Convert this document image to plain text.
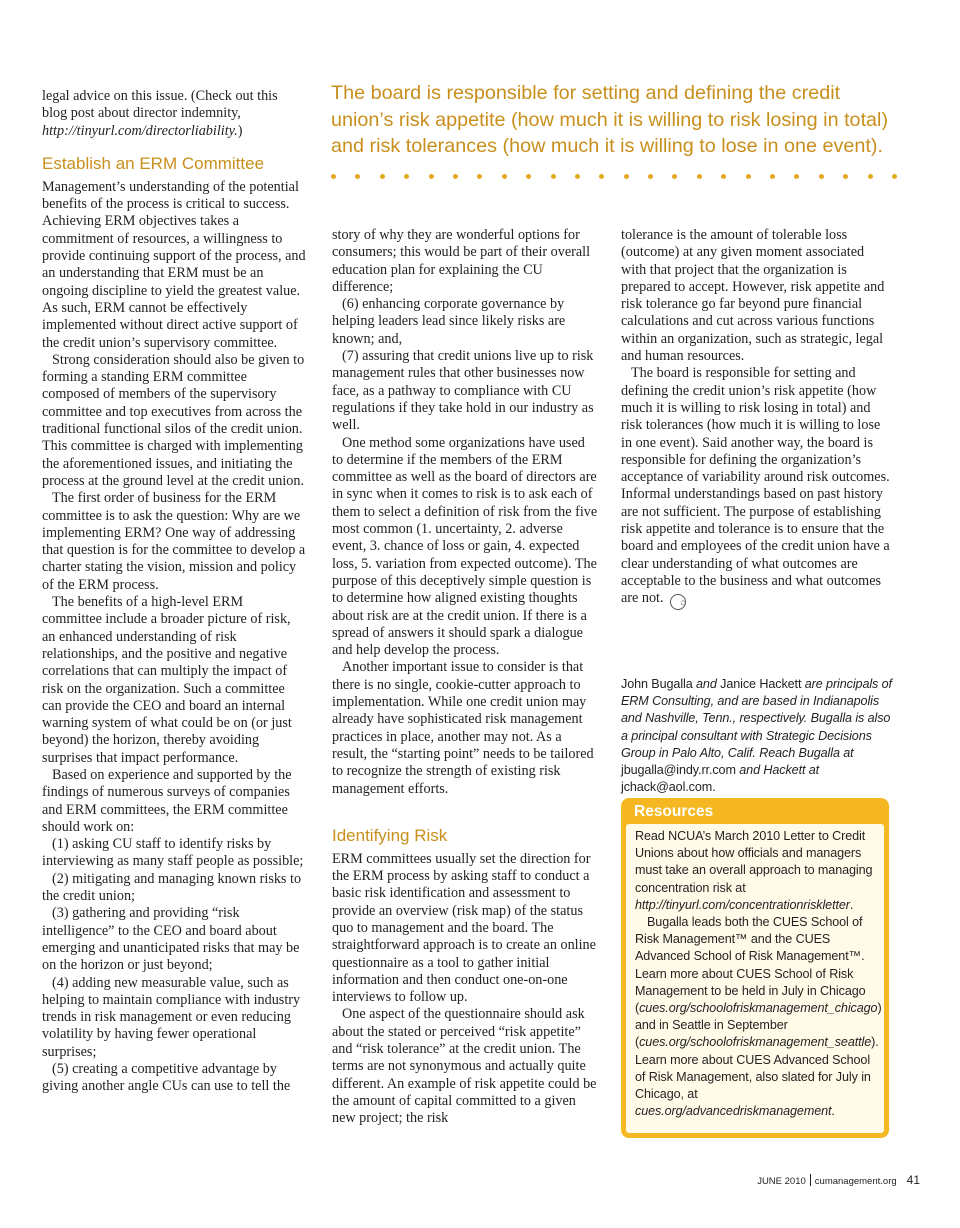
The board is responsible for setting and defining the credit union’s risk appetite (how much it is willing to risk losing in total) and risk tolerances (how much it is willing to lose in one event).

legal advice on this issue. (Check out this blog post about director indemnity, http://tinyurl.com/directorliability.)

Establish an ERM Committee

Management’s understanding of the potential benefits of the process is critical to success. Achieving ERM objectives takes a commitment of resources, a willingness to provide continuing support of the process, and an understanding that ERM must be an ongoing discipline to yield the greatest value. As such, ERM cannot be effectively implemented without direct active support of the credit union’s supervisory committee.

Strong consideration should also be given to forming a standing ERM committee composed of members of the supervisory committee and top executives from across the traditional functional silos of the credit union. This committee is charged with implementing the aforementioned issues, and initiating the process at the ground level at the credit union.

The first order of business for the ERM committee is to ask the question: Why are we implementing ERM? One way of addressing that question is for the committee to develop a charter stating the vision, mission and policy of the ERM process.

The benefits of a high-level ERM committee include a broader picture of risk, an enhanced understanding of risk relationships, and the positive and negative correlations that can multiply the impact of risk on the organization. Such a committee can provide the CEO and board an internal warning system of what could be on (or just beyond) the horizon, thereby avoiding surprises that impact performance.

Based on experience and supported by the findings of numerous surveys of companies and ERM committees, the ERM committee should work on:

(1) asking CU staff to identify risks by interviewing as many staff people as possible;

(2) mitigating and managing known risks to the credit union;

(3) gathering and providing “risk intelligence” to the CEO and board about emerging and unanticipated risks that may be on the horizon or just beyond;

(4) adding new measurable value, such as helping to maintain compliance with industry trends in risk management or even reducing volatility by having fewer operational surprises;

(5) creating a competitive advantage by giving another angle CUs can use to tell the

story of why they are wonderful options for consumers; this would be part of their overall education plan for explaining the CU difference;

(6) enhancing corporate governance by helping leaders lead since likely risks are known; and,

(7) assuring that credit unions live up to risk management rules that other businesses now face, as a pathway to compliance with CU regulations if they take hold in our industry as well.

One method some organizations have used to determine if the members of the ERM committee as well as the board of directors are in sync when it comes to risk is to ask each of them to select a definition of risk from the five most common (1. uncertainty, 2. adverse event, 3. chance of loss or gain, 4. expected loss, 5. variation from expected outcome). The purpose of this deceptively simple question is to determine how aligned existing thoughts about risk are at the credit union. If there is a spread of answers it should spark a dialogue and help develop the process.

Another important issue to consider is that there is no single, cookie-cutter approach to implementation. While one credit union may already have sophisticated risk management practices in place, another may not. As a result, the “starting point” needs to be tailored to recognize the strength of existing risk management efforts.

Identifying Risk

ERM committees usually set the direction for the ERM process by asking staff to conduct a basic risk identification and assessment to provide an overview (risk map) of the status quo to management and the board. The straightforward approach is to create an online questionnaire as a tool to gather initial information and then conduct one-on-one interviews to follow up.

One aspect of the questionnaire should ask about the stated or perceived “risk appetite” and “risk tolerance” at the credit union. The terms are not synonymous and actually quite different. An example of risk appetite could be the amount of capital committed to a given new project; the risk

tolerance is the amount of tolerable loss (outcome) at any given moment associated with that project that the organization is prepared to accept. However, risk appetite and risk tolerance go far beyond pure financial calculations and cut across various functions within an organization, such as strategic, legal and human resources.

The board is responsible for setting and defining the credit union’s risk appetite (how much it is willing to risk losing in total) and risk tolerances (how much it is willing to lose in one event). Said another way, the board is responsible for defining the organization’s acceptance of variability around risk outcomes. Informal understandings based on past history are not sufficient. The purpose of establishing risk appetite and tolerance is to ensure that the board and employees of the credit union have a clear understanding of what outcomes are acceptable to the business and what outcomes are not. ⌂

John Bugalla and Janice Hackett are principals of ERM Consulting, and are based in Indianapolis and Nashville, Tenn., respectively. Bugalla is also a principal consultant with Strategic Decisions Group in Palo Alto, Calif. Reach Bugalla at jbugalla@indy.rr.com and Hackett at jchack@aol.com.
Resources

Read NCUA’s March 2010 Letter to Credit Unions about how officials and managers must take an overall approach to managing concentration risk at http://tinyurl.com/concentrationriskletter.

Bugalla leads both the CUES School of Risk Management™ and the CUES Advanced School of Risk Management™. Learn more about CUES School of Risk Management to be held in July in Chicago (cues.org/schoolofriskmanagement_chicago) and in Seattle in September (cues.org/schoolofriskmanagement_seattle). Learn more about CUES Advanced School of Risk Management, also slated for July in Chicago, at cues.org/advancedriskmanagement.

JUNE 2010 cumanagement.org 41
